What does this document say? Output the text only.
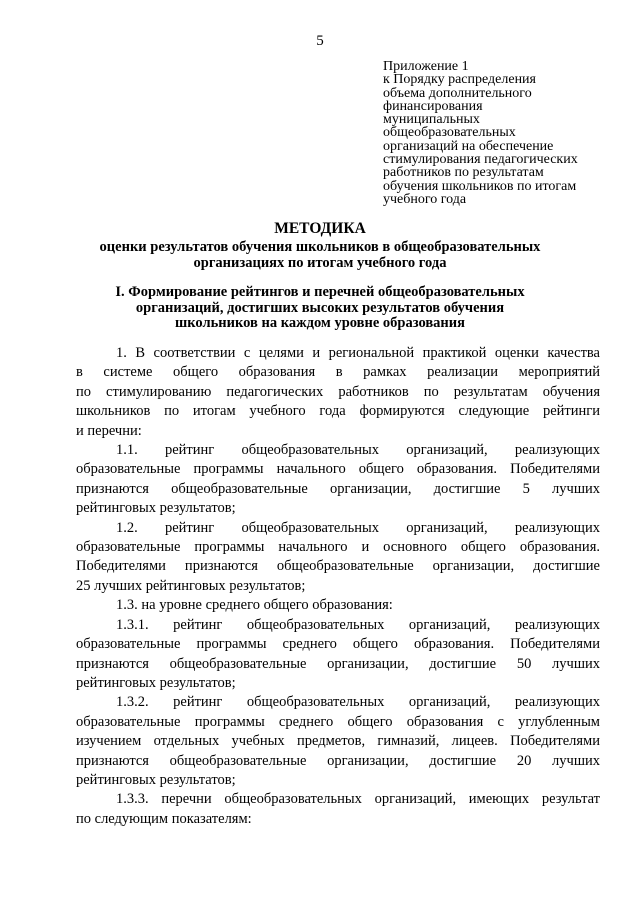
5
Приложение 1
к Порядку распределения
объема дополнительного
финансирования
муниципальных
общеобразовательных
организаций на обеспечение
стимулирования педагогических
работников по результатам
обучения школьников по итогам
учебного года
МЕТОДИКА
оценки результатов обучения школьников в общеобразовательных
организациях по итогам учебного года
I. Формирование рейтингов и перечней общеобразовательных
организаций, достигших высоких результатов обучения
школьников на каждом уровне образования
1. В соответствии с целями и региональной практикой оценки качества
в системе общего образования в рамках реализации мероприятий
по стимулированию педагогических работников по результатам обучения
школьников по итогам учебного года формируются следующие рейтинги
и перечни:
1.1. рейтинг общеобразовательных организаций, реализующих
образовательные программы начального общего образования. Победителями
признаются общеобразовательные организации, достигшие 5 лучших
рейтинговых результатов;
1.2. рейтинг общеобразовательных организаций, реализующих
образовательные программы начального и основного общего образования.
Победителями признаются общеобразовательные организации, достигшие
25 лучших рейтинговых результатов;
1.3. на уровне среднего общего образования:
1.3.1. рейтинг общеобразовательных организаций, реализующих
образовательные программы среднего общего образования. Победителями
признаются общеобразовательные организации, достигшие 50 лучших
рейтинговых результатов;
1.3.2. рейтинг общеобразовательных организаций, реализующих
образовательные программы среднего общего образования с углубленным
изучением отдельных учебных предметов, гимназий, лицеев. Победителями
признаются общеобразовательные организации, достигшие 20 лучших
рейтинговых результатов;
1.3.3. перечни общеобразовательных организаций, имеющих результат
по следующим показателям:
